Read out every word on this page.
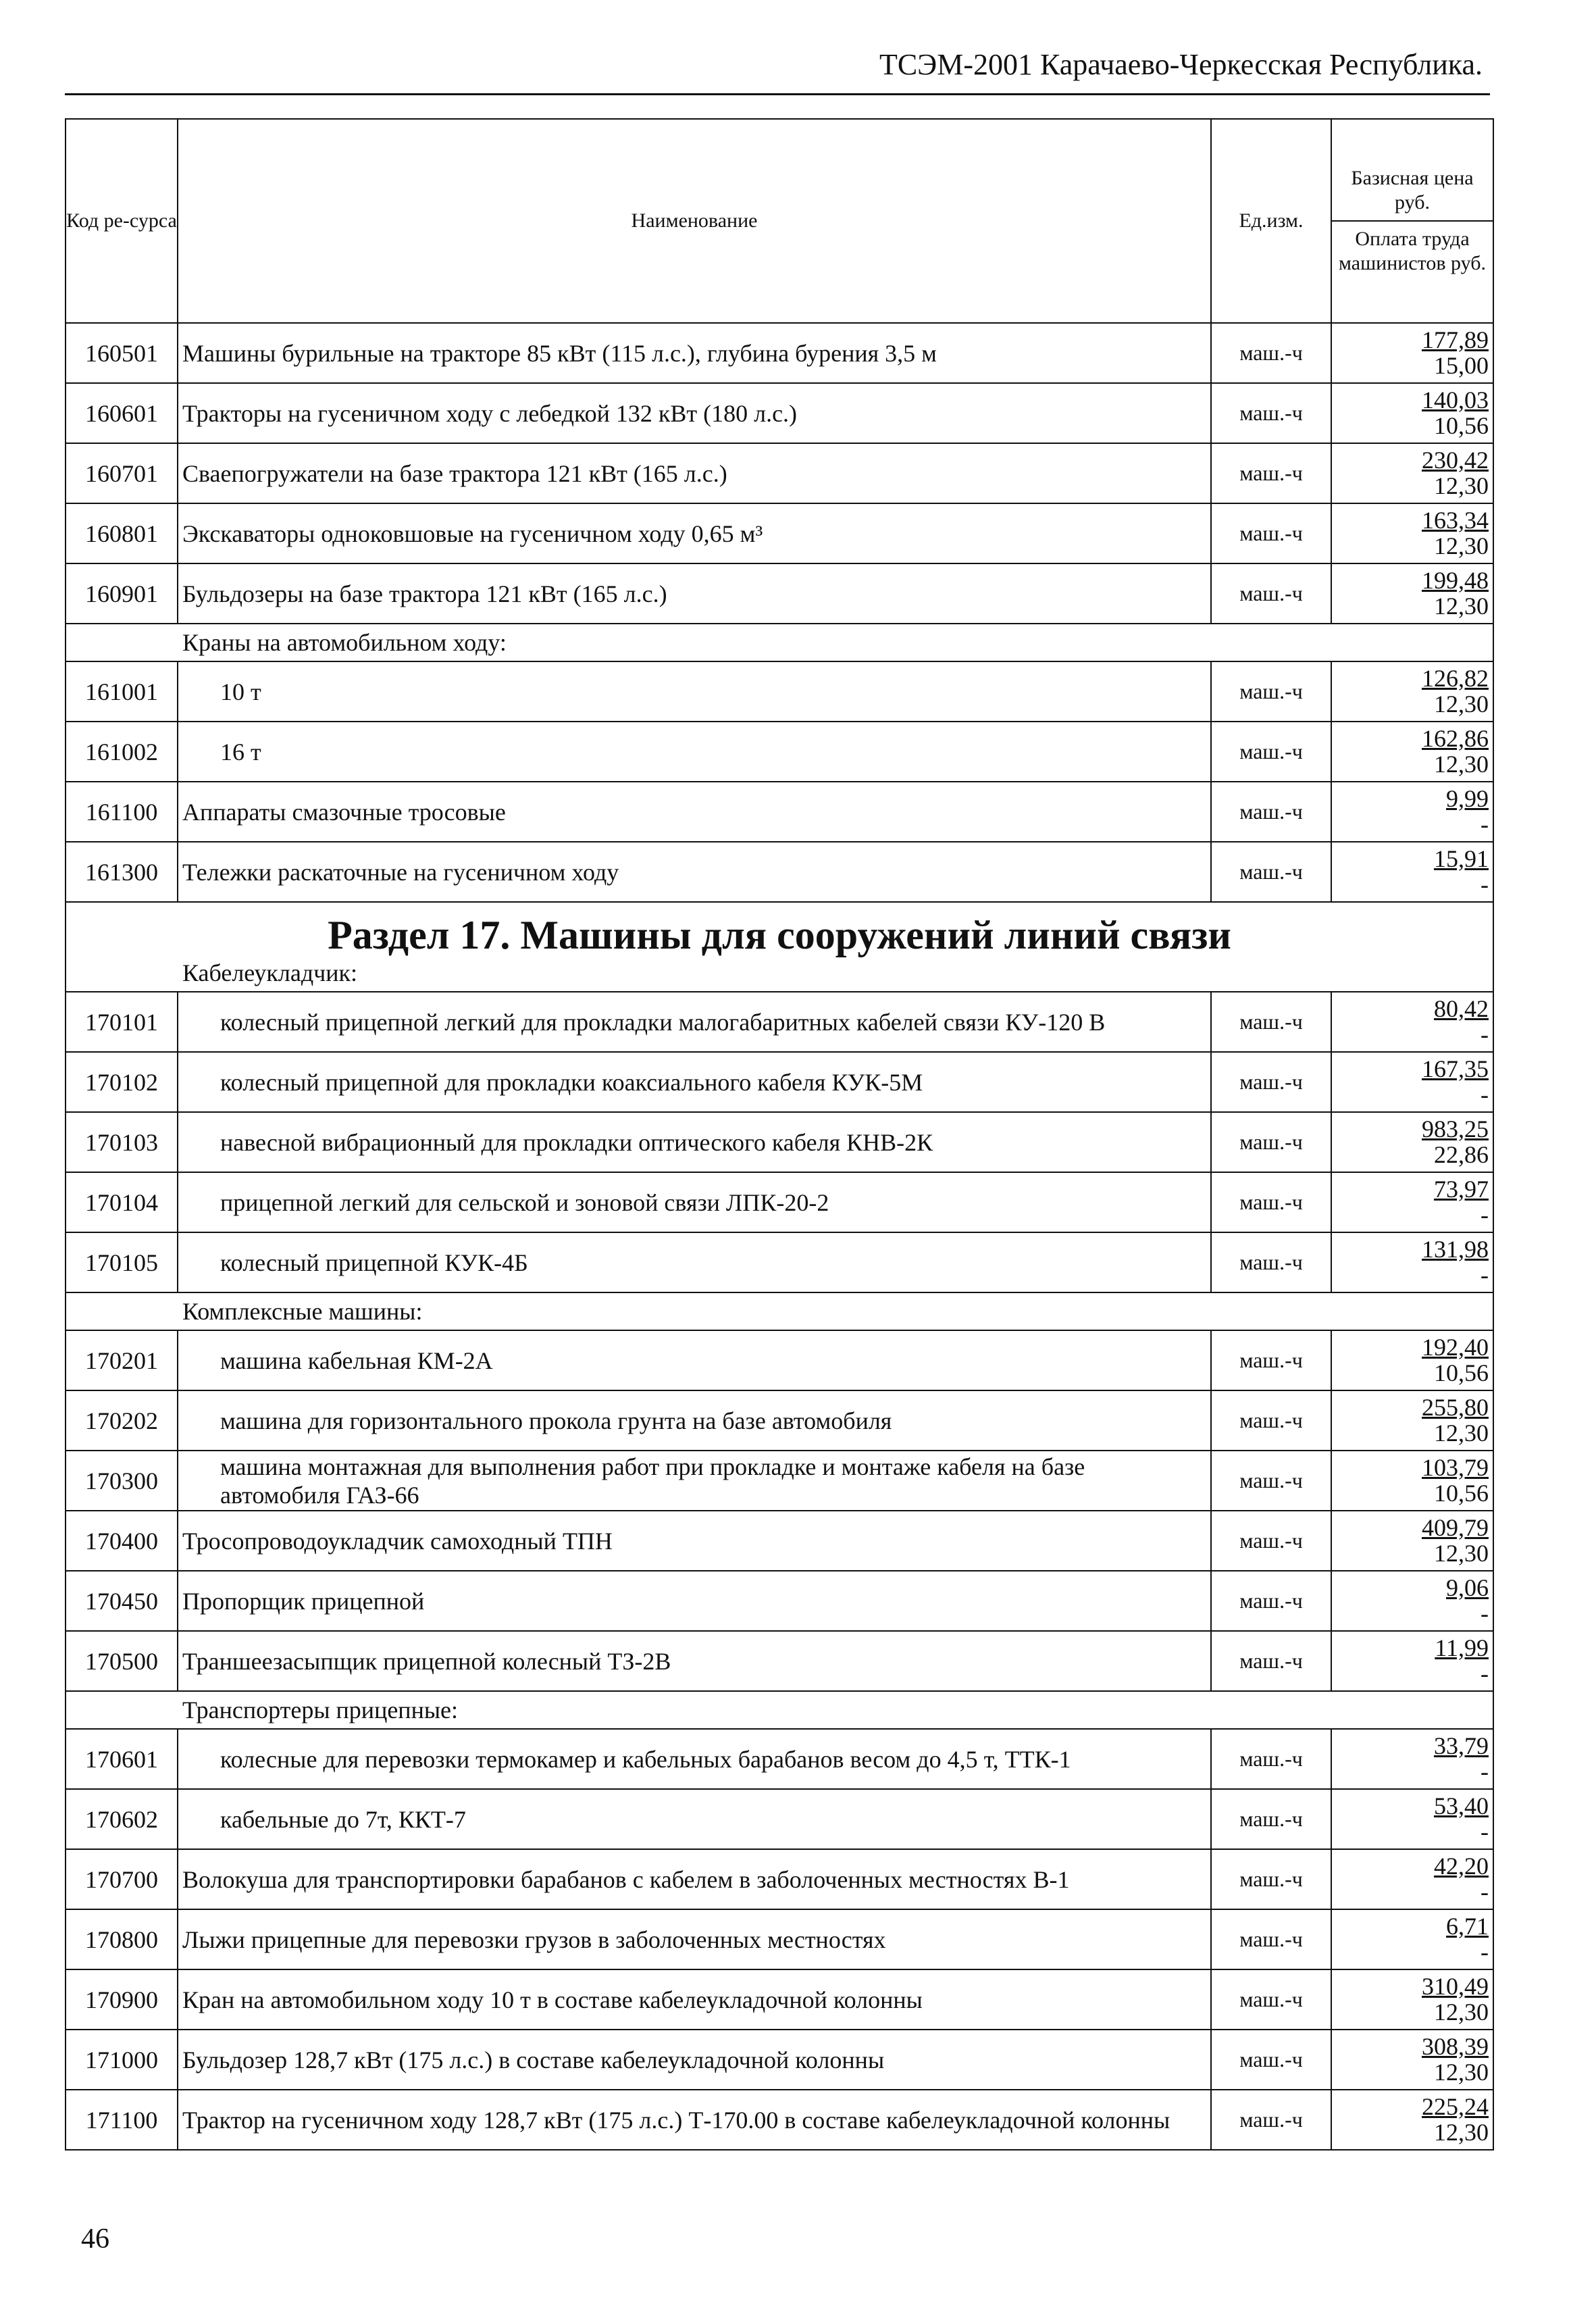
ТСЭМ-2001 Карачаево-Черкесская Республика.
Код ре-сурса	Наименование	Ед.изм.	Базисная цена руб.
Оплата труда машинистов руб.

160501	Машины бурильные на тракторе 85 кВт (115 л.с.), глубина бурения 3,5 м	маш.-ч	177,89
15,00

160601	Тракторы на гусеничном ходу с лебедкой 132 кВт (180 л.с.)	маш.-ч	140,03
10,56

160701	Сваепогружатели на базе трактора 121 кВт (165 л.с.)	маш.-ч	230,42
12,30

160801	Экскаваторы одноковшовые на гусеничном ходу 0,65 м³	маш.-ч	163,34
12,30

160901	Бульдозеры на базе трактора 121 кВт (165 л.с.)	маш.-ч	199,48
12,30

Краны на автомобильном ходу:			
161001	10 т	маш.-ч	126,82
12,30

161002	16 т	маш.-ч	162,86
12,30

161100	Аппараты смазочные тросовые	маш.-ч	9,99
-

161300	Тележки раскаточные на гусеничном ходу	маш.-ч	15,91
-

Раздел 17. Машины для сооружений линий связи
Кабелеукладчик:			

170101	колесный прицепной легкий для прокладки малогабаритных кабелей связи КУ-120 В	маш.-ч	80,42
-

170102	колесный прицепной для прокладки коаксиального кабеля КУК-5М	маш.-ч	167,35
-

170103	навесной вибрационный для прокладки оптического кабеля КНВ-2К	маш.-ч	983,25
22,86

170104	прицепной легкий для сельской и зоновой связи ЛПК-20-2	маш.-ч	73,97
-

170105	колесный прицепной КУК-4Б	маш.-ч	131,98
-

Комплексные машины:			
170201	машина кабельная КМ-2А	маш.-ч	192,40
10,56

170202	машина для горизонтального прокола грунта на базе автомобиля	маш.-ч	255,80
12,30

170300	машина монтажная для выполнения работ при прокладке и монтаже кабеля на базе автомобиля ГАЗ-66	маш.-ч	103,79
10,56

170400	Тросопроводоукладчик самоходный ТПН	маш.-ч	409,79
12,30

170450	Пропорщик прицепной	маш.-ч	9,06
-

170500	Траншеезасыпщик прицепной колесный ТЗ-2В	маш.-ч	11,99
-

Транспортеры прицепные:			
170601	колесные для перевозки термокамер и кабельных барабанов весом до 4,5 т, ТТК-1	маш.-ч	33,79
-

170602	кабельные до 7т, ККТ-7	маш.-ч	53,40
-

170700	Волокуша для транспортировки барабанов с кабелем в заболоченных местностях В-1	маш.-ч	42,20
-

170800	Лыжи прицепные для перевозки грузов в заболоченных местностях	маш.-ч	6,71
-

170900	Кран на автомобильном ходу 10 т в составе кабелеукладочной колонны	маш.-ч	310,49
12,30

171000	Бульдозер 128,7 кВт (175 л.с.) в составе кабелеукладочной колонны	маш.-ч	308,39
12,30

171100	Трактор на гусеничном ходу 128,7 кВт (175 л.с.) Т-170.00 в составе кабелеукладочной колонны	маш.-ч	225,24
12,30
46
